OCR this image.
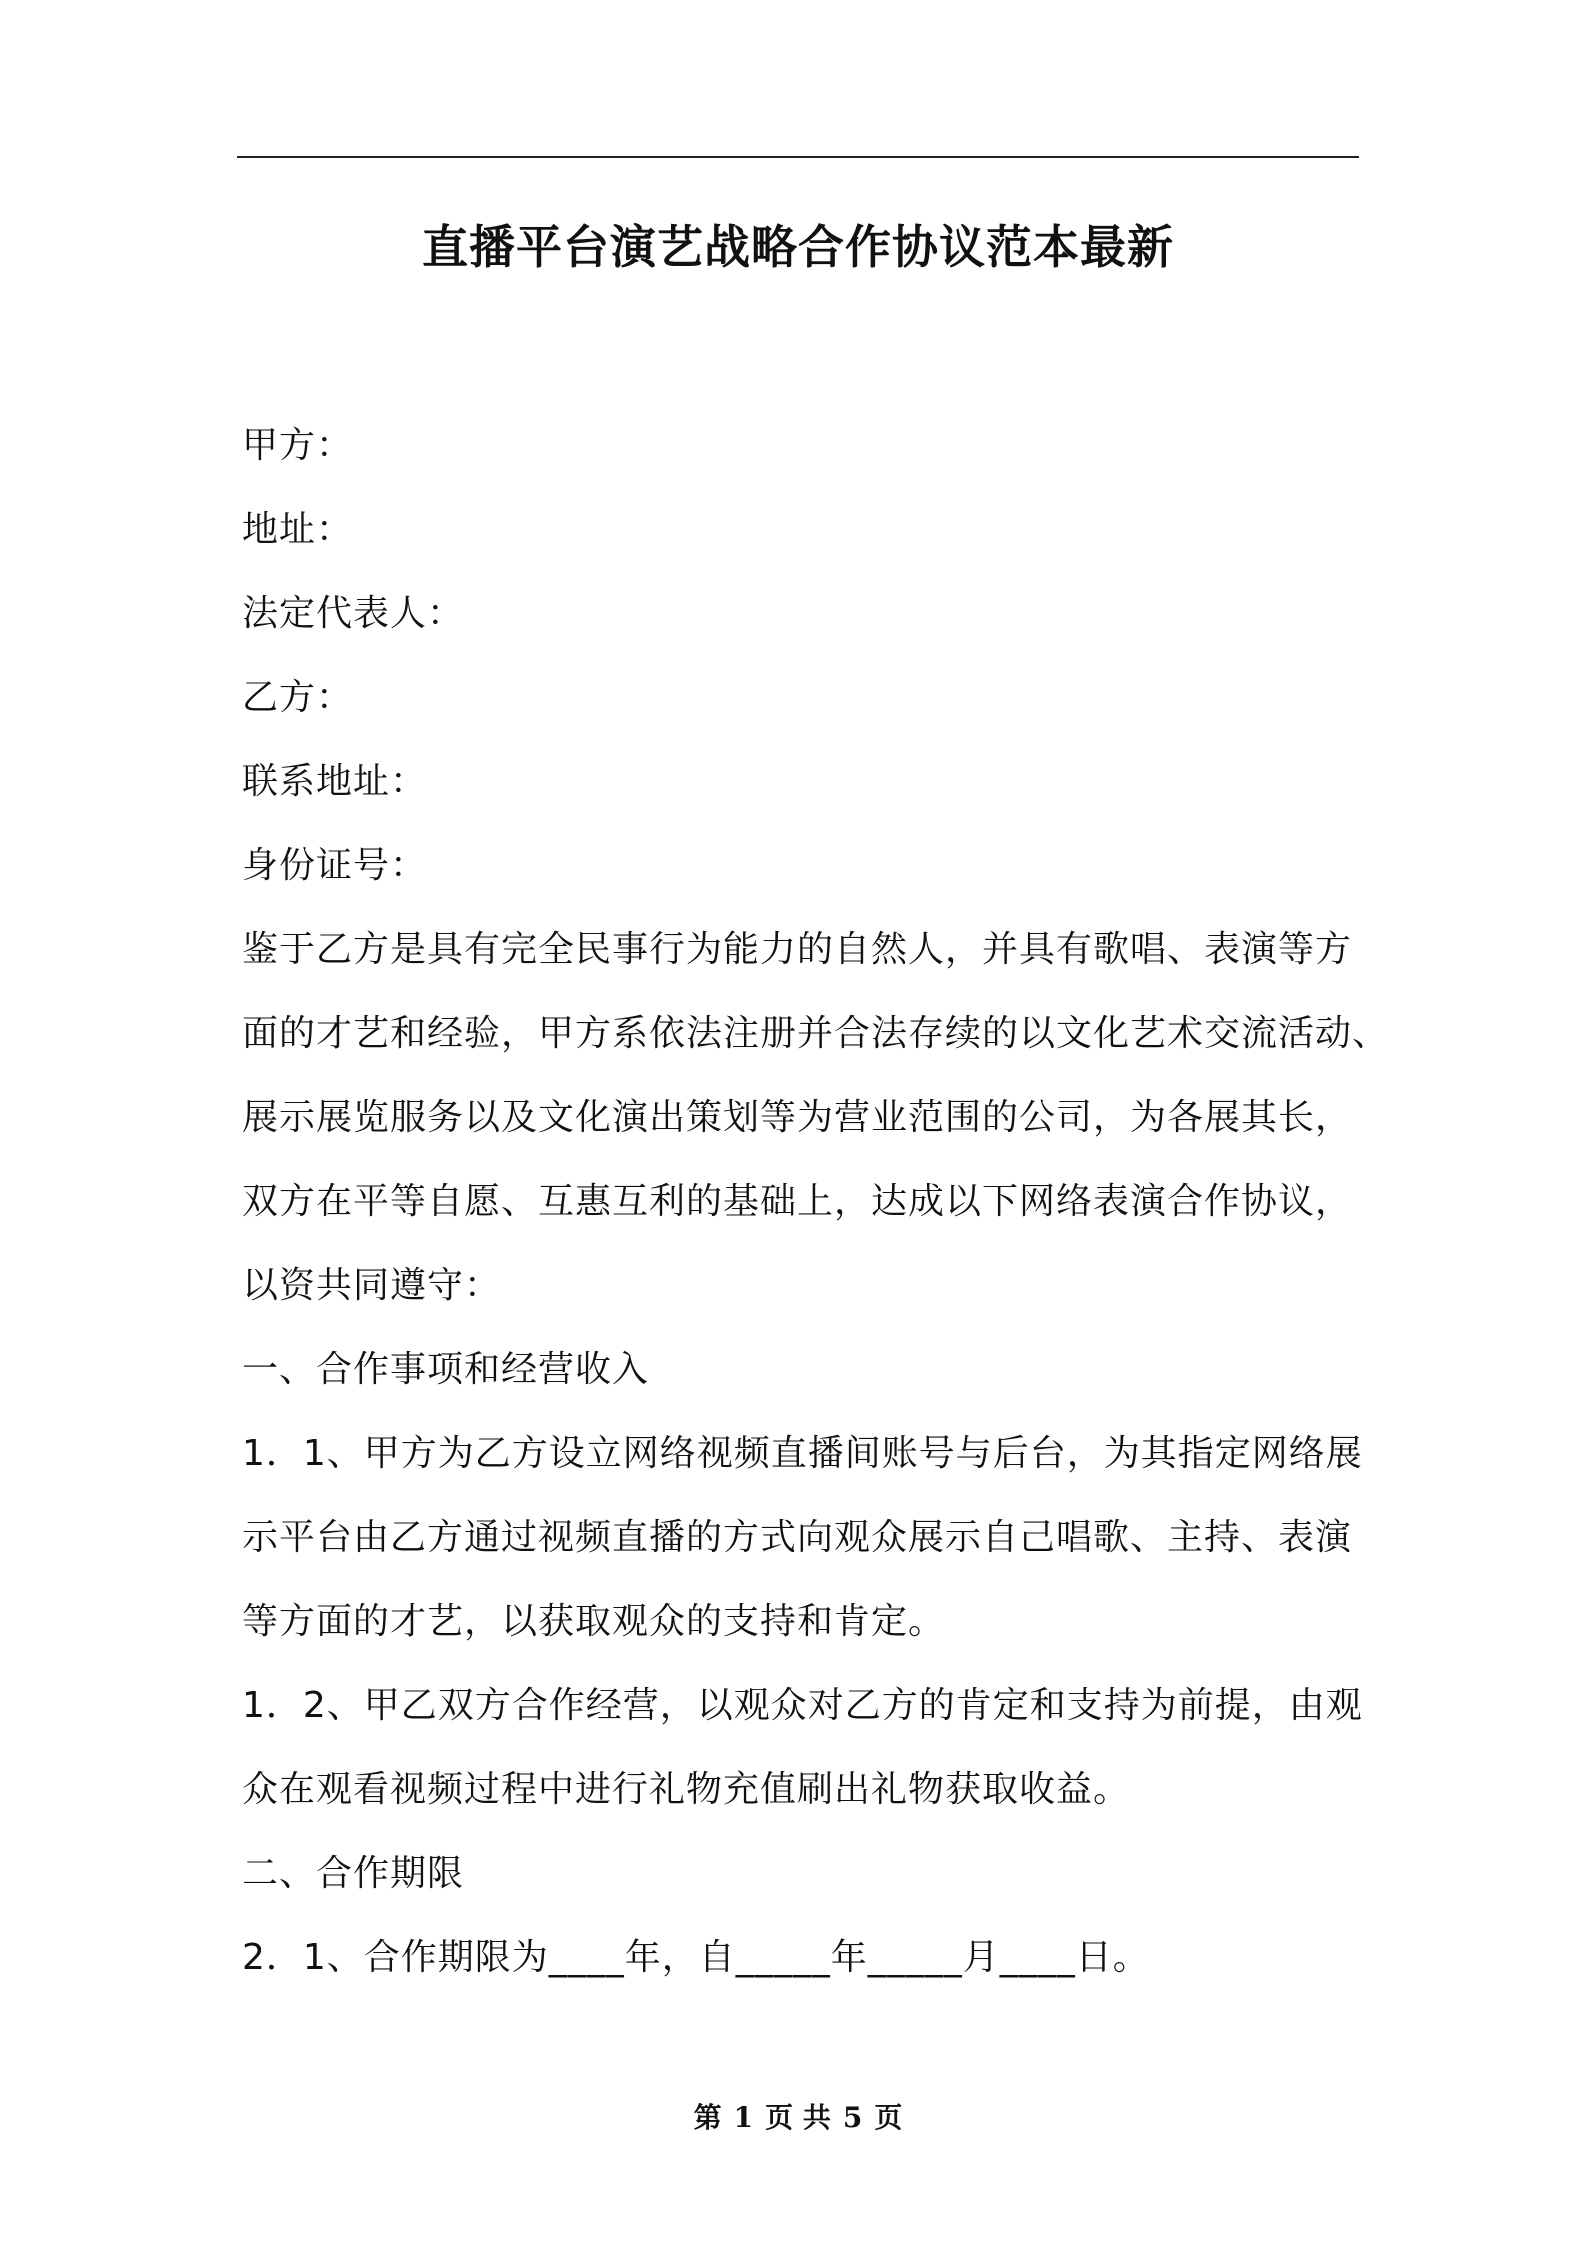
直播平台演艺战略合作协议范本最新
甲方：
地址：
法定代表人：
乙方：
联系地址：
身份证号：
鉴于乙方是具有完全民事行为能力的自然人，并具有歌唱、表演等方
面的才艺和经验，甲方系依法注册并合法存续的以文化艺术交流活动、
展示展览服务以及文化演出策划等为营业范围的公司，为各展其长，
双方在平等自愿、互惠互利的基础上，达成以下网络表演合作协议，
以资共同遵守：
一、合作事项和经营收入
1．1、甲方为乙方设立网络视频直播间账号与后台，为其指定网络展
示平台由乙方通过视频直播的方式向观众展示自己唱歌、主持、表演
等方面的才艺，以获取观众的支持和肯定。
1．2、甲乙双方合作经营，以观众对乙方的肯定和支持为前提，由观
众在观看视频过程中进行礼物充值刷出礼物获取收益。
二、合作期限
2．1、合作期限为____年，自_____年_____月____日。
第 1 页 共 5 页
